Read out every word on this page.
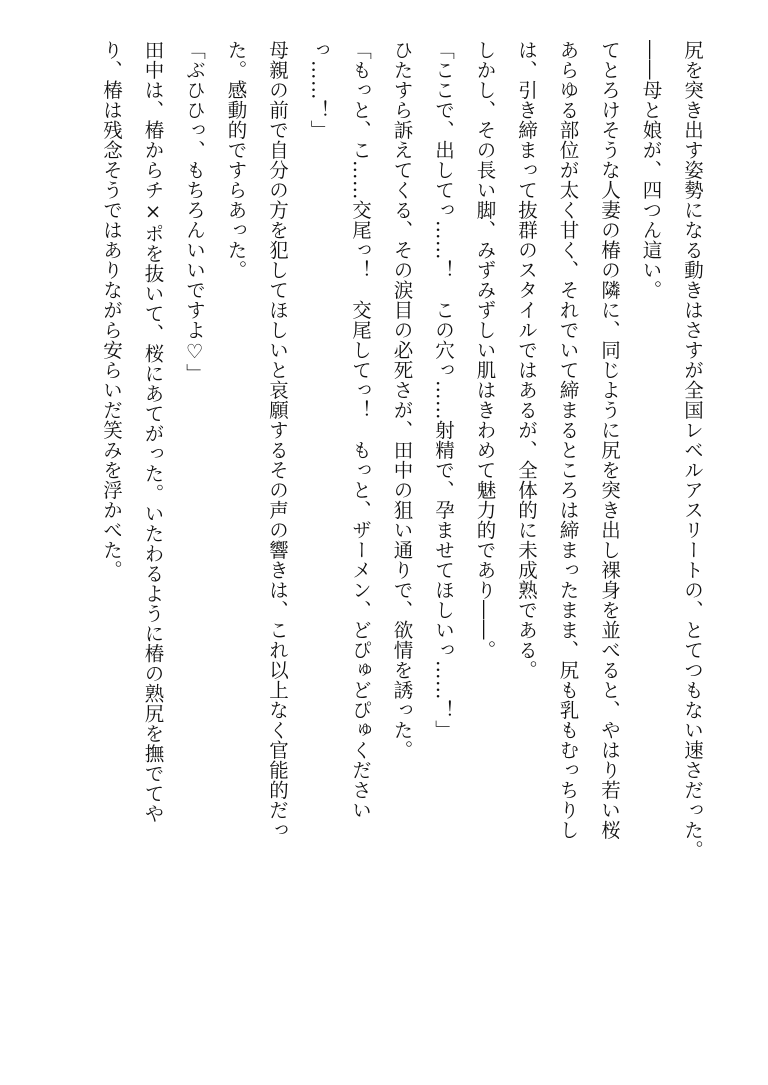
尻を突き出す姿勢になる動きはさすが全国レベルアスリートの、とてつもない速さだった。
――母と娘が、四つん這い。
てとろけそうな人妻の椿の隣に、同じように尻を突き出し裸身を並べると、やはり若い桜
あらゆる部位が太く甘く、それでいて締まるところは締まったまま、尻も乳もむっちりし
は、引き締まって抜群のスタイルではあるが、全体的に未成熟である。
しかし、その長い脚、みずみずしい肌はきわめて魅力的であり――。
「ここで、出してっ……！　この穴っ……射精で、孕ませてほしいっ……！」
ひたすら訴えてくる、その涙目の必死さが、田中の狙い通りで、欲情を誘った。
「もっと、こ……交尾っ！　交尾してっ！　もっと、ザーメン、どぴゅどぴゅください
っ……！」
母親の前で自分の方を犯してほしいと哀願するその声の響きは、これ以上なく官能的だっ
た。感動的ですらあった。
「ぶひひっ、もちろんいいですよ♡」
田中は、椿からチ×ポを抜いて、桜にあてがった。いたわるように椿の熟尻を撫でてや
り、椿は残念そうではありながら安らいだ笑みを浮かべた。
